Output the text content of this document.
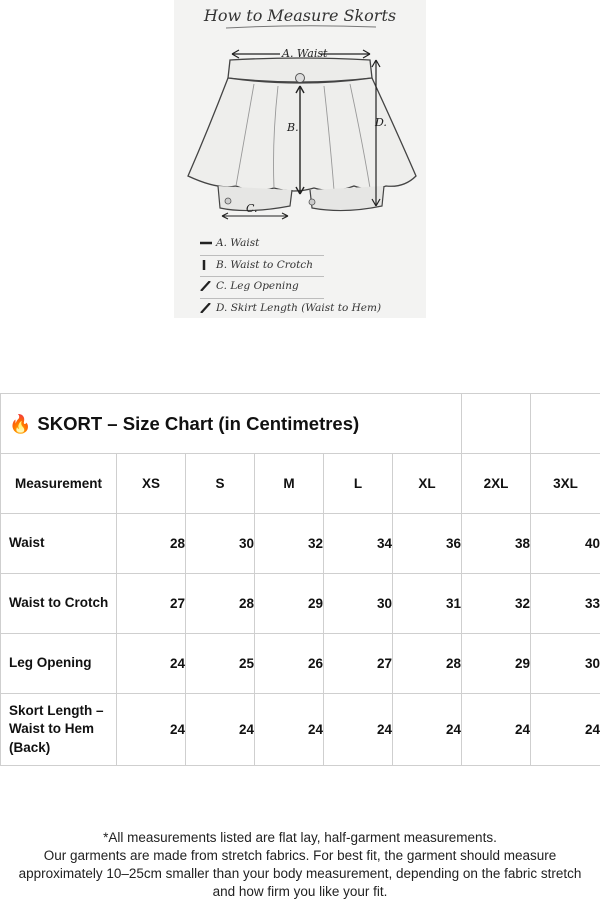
How to Measure Skorts
A. Waist
B.	D.
C.
A. Waist
B. Waist to Crotch
C. Leg Opening
D. Skirt Length (Waist to Hem)
🔥 SKORT – Size Chart (in Centimetres)							
Measurement	XS	S	M	L	XL	2XL	3XL
Waist	28	30	32	34	36	38	40
Waist to Crotch	27	28	29	30	31	32	33
Leg Opening	24	25	26	27	28	29	30
Skort Length – Waist to Hem (Back)	24	24	24	24	24	24	24

*All measurements listed are flat lay, half-garment measurements.

Our garments are made from stretch fabrics. For best fit, the garment should measure approximately 10–25cm smaller than your body measurement, depending on the fabric stretch and how firm you like your fit.
